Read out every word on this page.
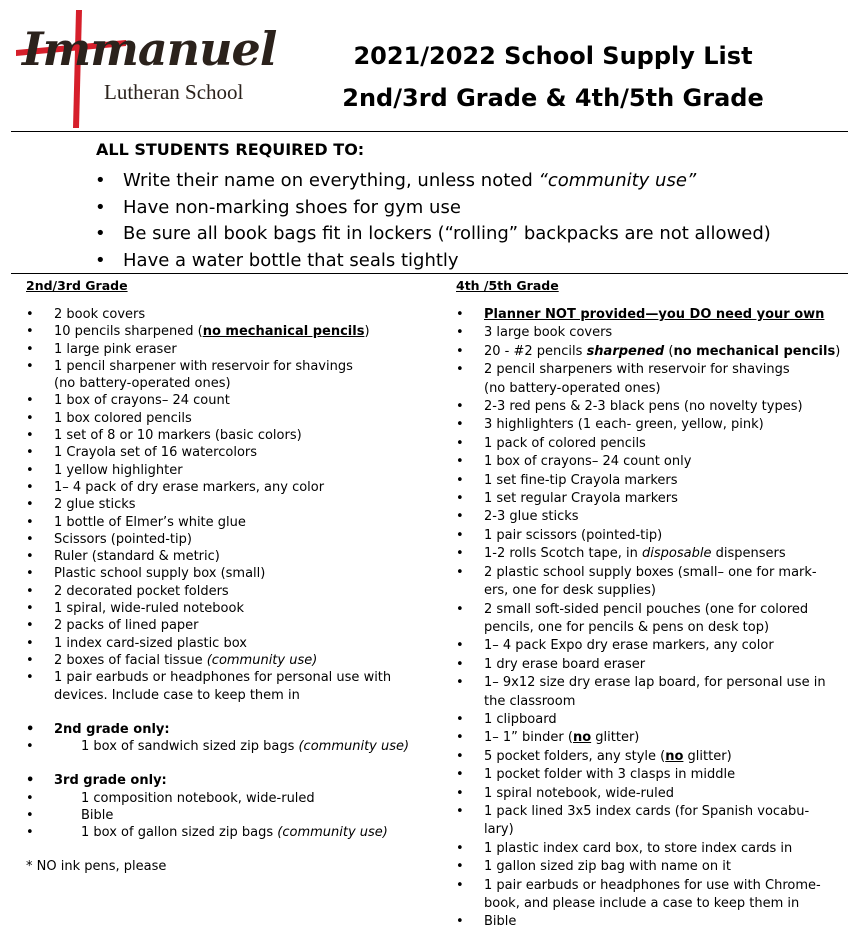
Immanuel
Lutheran School
2021/2022 School Supply List
2nd/3rd Grade & 4th/5th Grade
ALL STUDENTS REQUIRED TO:
• Write their name on everything, unless noted “community use”
• Have non-marking shoes for gym use
• Be sure all book bags fit in lockers (“rolling” backpacks are not allowed)
• Have a water bottle that seals tightly
2nd/3rd Grade
• 2 book covers
• 10 pencils sharpened (no mechanical pencils)
• 1 large pink eraser
• 1 pencil sharpener with reservoir for shavings
(no battery-operated ones)
• 1 box of crayons– 24 count
• 1 box colored pencils
• 1 set of 8 or 10 markers (basic colors)
• 1 Crayola set of 16 watercolors
• 1 yellow highlighter
• 1– 4 pack of dry erase markers, any color
• 2 glue sticks
• 1 bottle of Elmer’s white glue
• Scissors (pointed-tip)
• Ruler (standard & metric)
• Plastic school supply box (small)
• 2 decorated pocket folders
• 1 spiral, wide-ruled notebook
• 2 packs of lined paper
• 1 index card-sized plastic box
• 2 boxes of facial tissue (community use)
• 1 pair earbuds or headphones for personal use with
devices. Include case to keep them in
• 2nd grade only:
• 1 box of sandwich sized zip bags (community use)
• 3rd grade only:
• 1 composition notebook, wide-ruled
• Bible
• 1 box of gallon sized zip bags (community use)
* NO ink pens, please
4th /5th Grade
• Planner NOT provided—you DO need your own
• 3 large book covers
• 20 - #2 pencils sharpened (no mechanical pencils)
• 2 pencil sharpeners with reservoir for shavings
(no battery-operated ones)
• 2-3 red pens & 2-3 black pens (no novelty types)
• 3 highlighters (1 each- green, yellow, pink)
• 1 pack of colored pencils
• 1 box of crayons– 24 count only
• 1 set fine-tip Crayola markers
• 1 set regular Crayola markers
• 2-3 glue sticks
• 1 pair scissors (pointed-tip)
• 1-2 rolls Scotch tape, in disposable dispensers
• 2 plastic school supply boxes (small– one for mark-
ers, one for desk supplies)
• 2 small soft-sided pencil pouches (one for colored
pencils, one for pencils & pens on desk top)
• 1– 4 pack Expo dry erase markers, any color
• 1 dry erase board eraser
• 1– 9x12 size dry erase lap board, for personal use in
the classroom
• 1 clipboard
• 1– 1” binder (no glitter)
• 5 pocket folders, any style (no glitter)
• 1 pocket folder with 3 clasps in middle
• 1 spiral notebook, wide-ruled
• 1 pack lined 3x5 index cards (for Spanish vocabu-
lary)
• 1 plastic index card box, to store index cards in
• 1 gallon sized zip bag with name on it
• 1 pair earbuds or headphones for use with Chrome-
book, and please include a case to keep them in
• Bible
